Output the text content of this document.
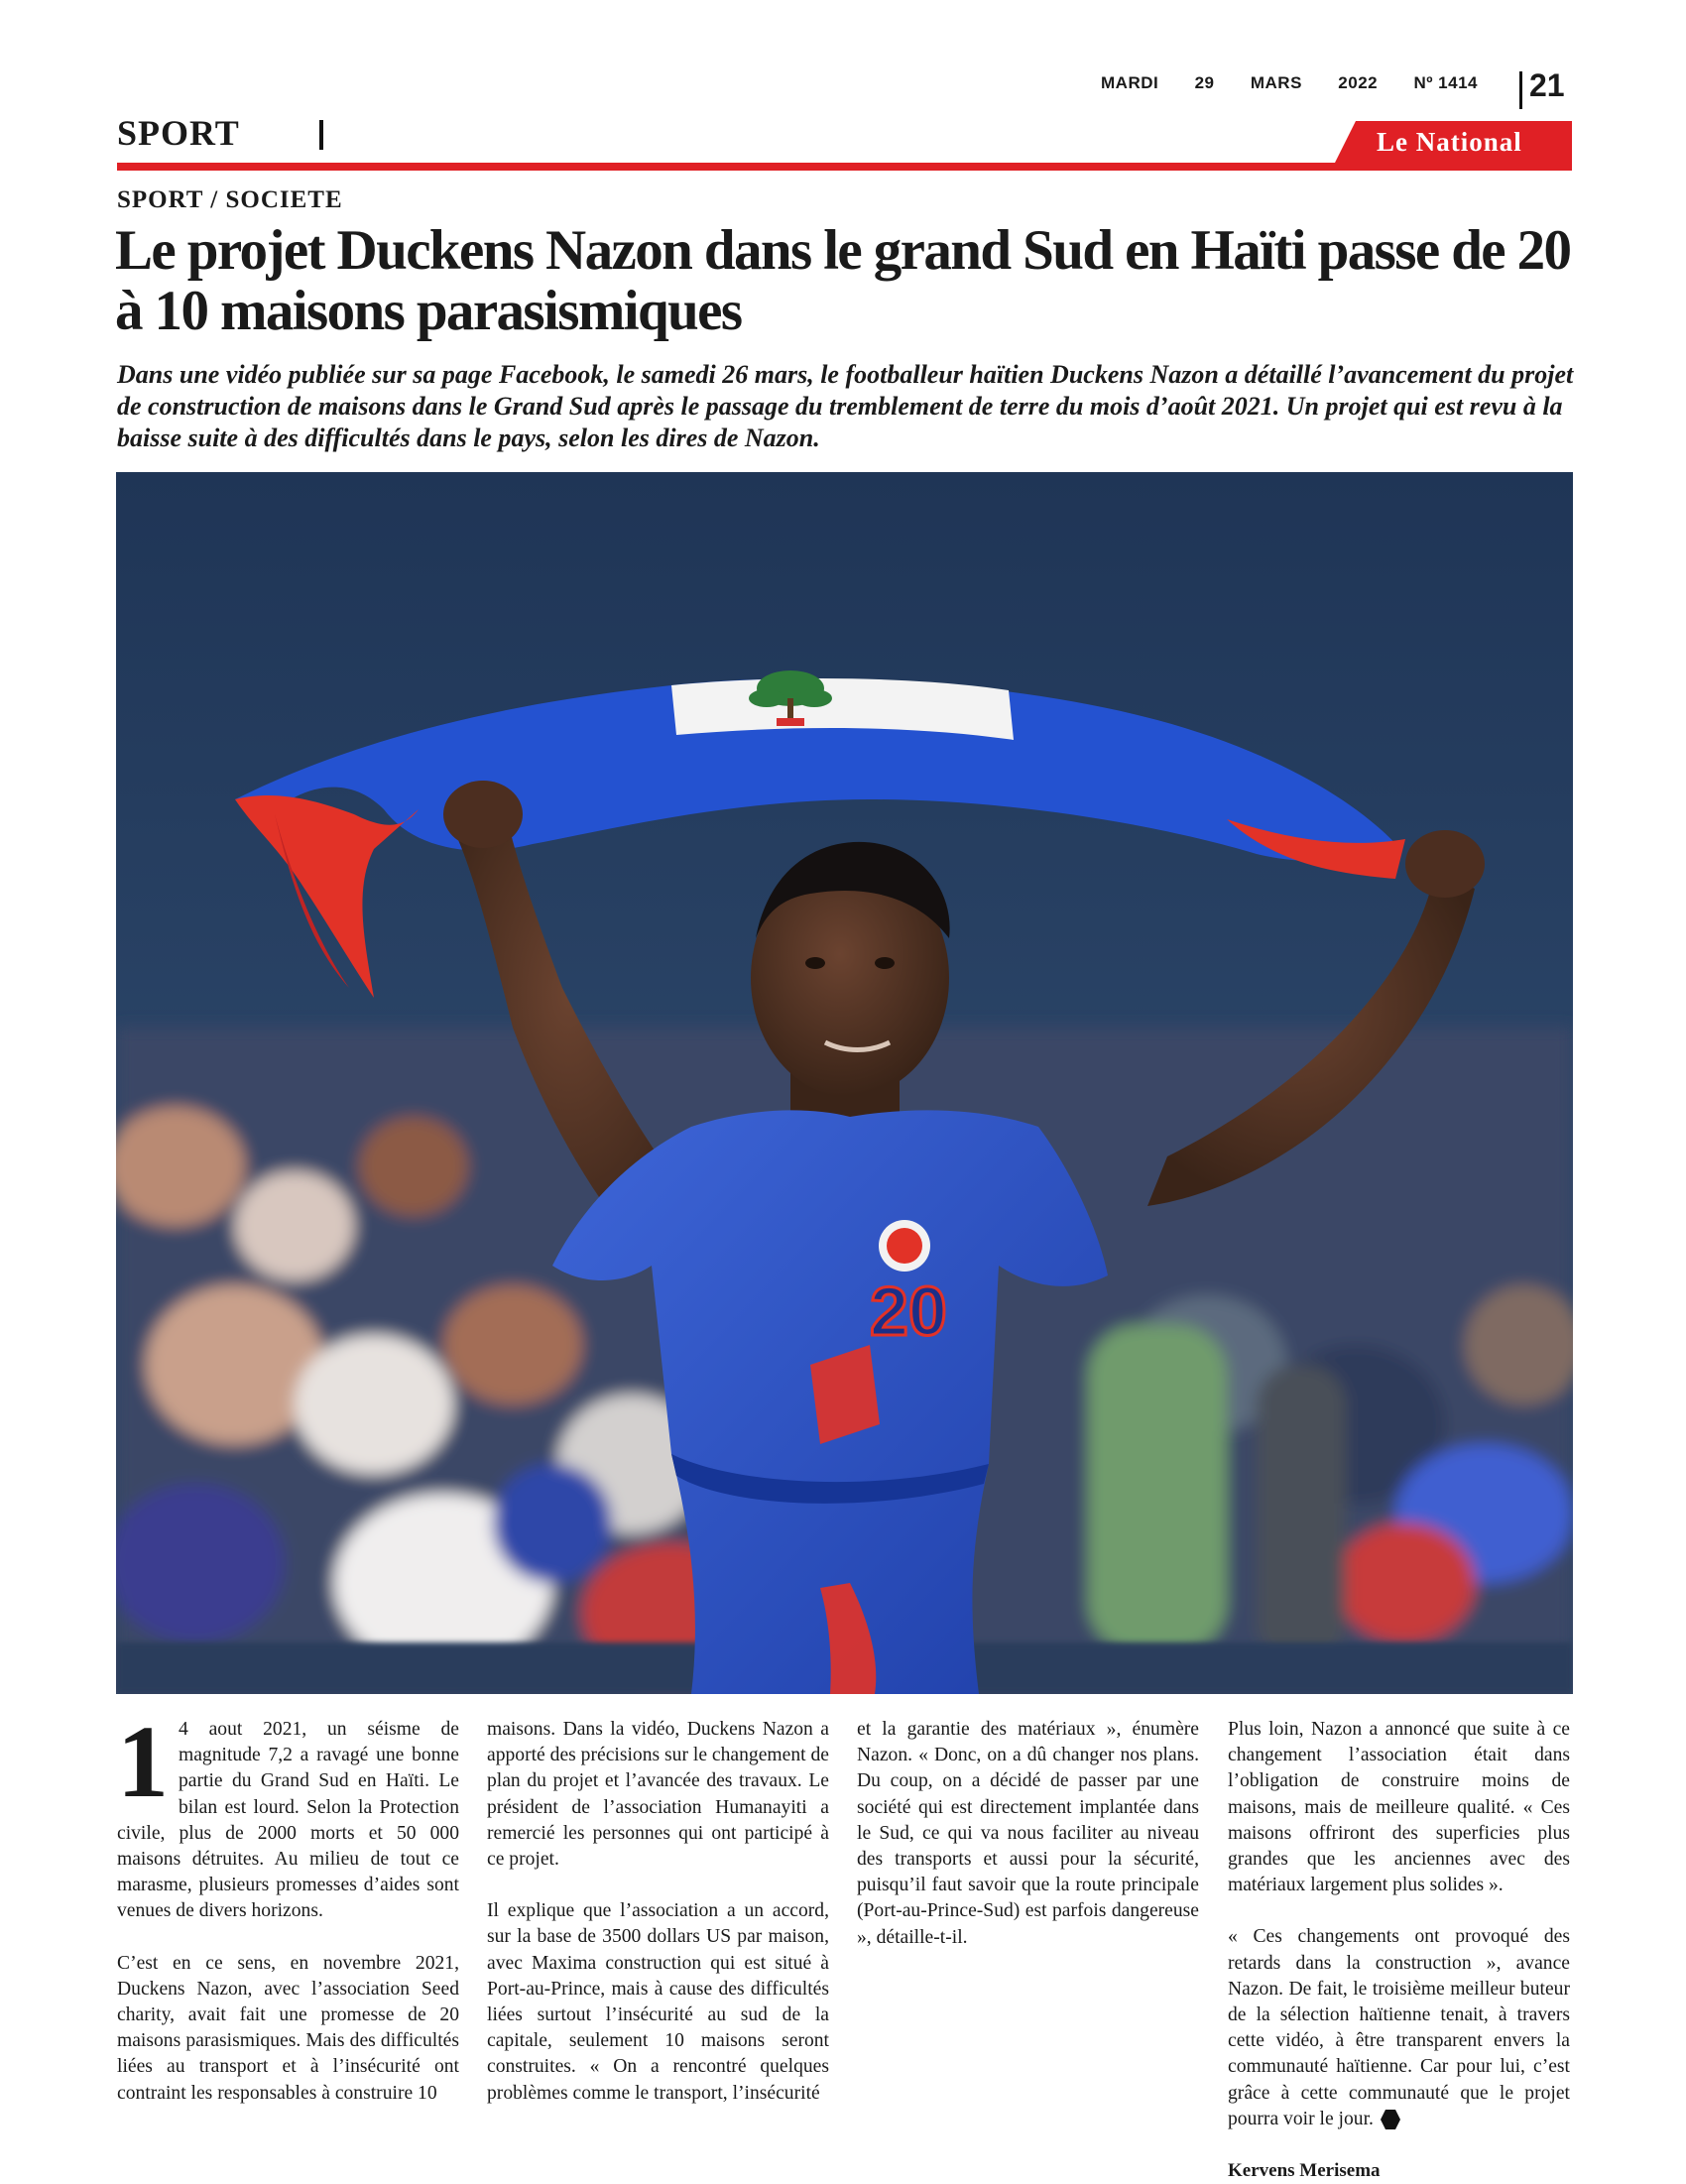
MARDI 29 MARS 2022 Nº 1414 21
SPORT	Le National
SPORT / SOCIETE
Le projet Duckens Nazon dans le grand Sud en Haïti passe de 20 à 10 maisons parasismiques

Dans une vidéo publiée sur sa page Facebook, le samedi 26 mars, le footballeur haïtien Duckens Nazon a détaillé l’avancement du projet de construction de maisons dans le Grand Sud après le passage du tremblement de terre du mois d’août 2021. Un projet qui est revu à la baisse suite à des difficultés dans le pays, selon les dires de Nazon.

20

1 4 aout 2021, un séisme de magnitude 7,2 a ravagé une bonne partie du Grand Sud en Haïti. Le bilan est lourd. Selon la Protection civile, plus de 2000 morts et 50 000 maisons détruites. Au milieu de tout ce marasme, plusieurs promesses d’aides sont venues de divers horizons.

C’est en ce sens, en novembre 2021, Duckens Nazon, avec l’association Seed charity, avait fait une promesse de 20 maisons parasismiques. Mais des difficultés liées au transport et à l’insécurité ont contraint les responsables à construire 10

et la garantie des matériaux », énumère Nazon. « Donc, on a dû changer nos plans. Du coup, on a décidé de passer par une société qui est directement implantée dans le Sud, ce qui va nous faciliter au niveau des transports et aussi pour la sécurité, puisqu’il faut savoir que la route principale (Port-au-Prince-Sud) est parfois dangereuse », détaille-t-il.

Plus loin, Nazon a annoncé que suite à ce changement l’association était dans l’obligation de construire moins de maisons, mais de meilleure qualité. « Ces maisons offriront des superficies plus grandes que les anciennes avec des matériaux largement plus solides ».

« Ces changements ont provoqué des retards dans la construction », avance Nazon. De fait, le troisième meilleur buteur de la sélection haïtienne tenait, à travers cette vidéo, à être transparent envers la communauté haïtienne. Car pour lui, c’est grâce à cette communauté que le projet pourra voir le jour.

Kervens Merisema

maisons. Dans la vidéo, Duckens Nazon a apporté des précisions sur le changement de plan du projet et l’avancée des travaux. Le président de l’association Humanayiti a remercié les personnes qui ont participé à ce projet.

Il explique que l’association a un accord, sur la base de 3500 dollars US par maison, avec Maxima construction qui est situé à Port-au-Prince, mais à cause des difficultés liées surtout l’insécurité au sud de la capitale, seulement 10 maisons seront construites. « On a rencontré quelques problèmes comme le transport, l’insécurité
